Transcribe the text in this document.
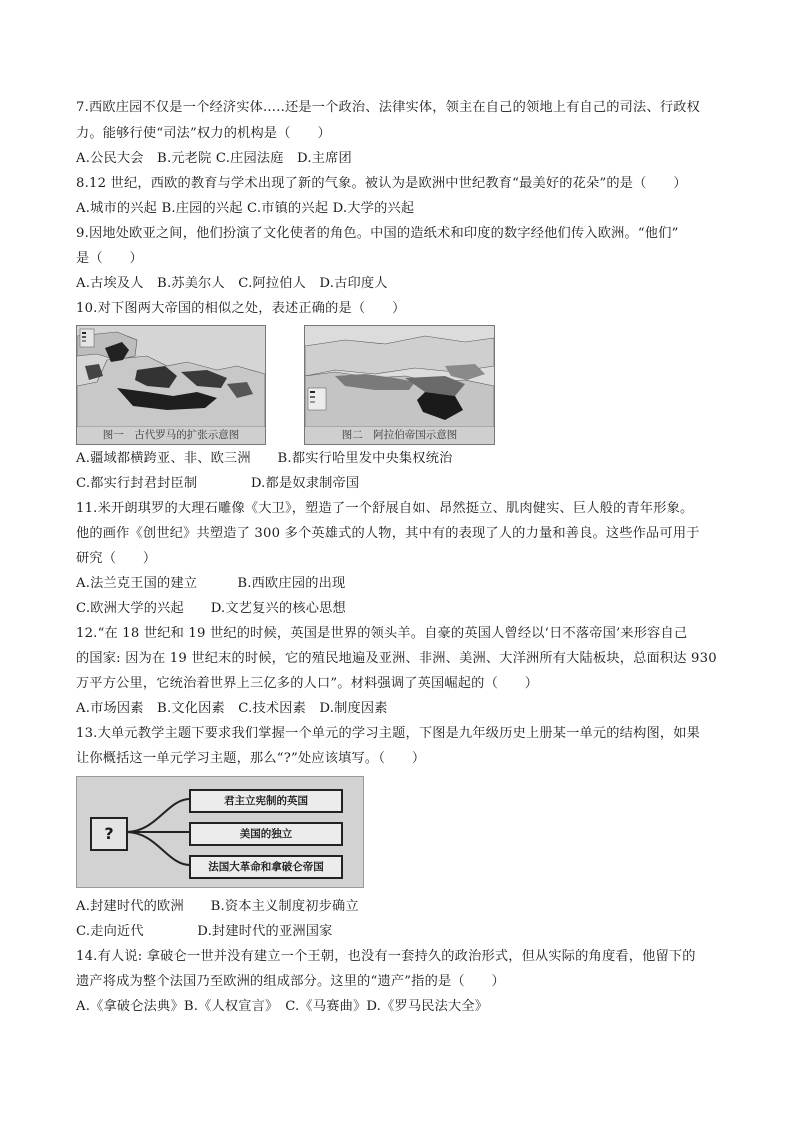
7.西欧庄园不仅是一个经济实体.....还是一个政治、法律实体，领主在自己的领地上有自己的司法、行政权
力。能够行使“司法”权力的机构是（　　）
A.公民大会　B.元老院 C.庄园法庭　D.主席团
8.12 世纪，西欧的教育与学术出现了新的气象。被认为是欧洲中世纪教育“最美好的花朵”的是（　　）
A.城市的兴起 B.庄园的兴起 C.市镇的兴起 D.大学的兴起
9.因地处欧亚之间，他们扮演了文化使者的角色。中国的造纸术和印度的数字经他们传入欧洲。“他们”
是（　　）
A.古埃及人　B.苏美尔人　C.阿拉伯人　D.古印度人
10.对下图两大帝国的相似之处，表述正确的是（　　）
图一　古代罗马的扩张示意图	图二　阿拉伯帝国示意图
A.疆域都横跨亚、非、欧三洲　　B.都实行哈里发中央集权统治
C.都实行封君封臣制　　　　D.都是奴隶制帝国
11.米开朗琪罗的大理石雕像《大卫》，塑造了一个舒展自如、昂然挺立、肌肉健实、巨人般的青年形象。
他的画作《创世纪》共塑造了 300 多个英雄式的人物，其中有的表现了人的力量和善良。这些作品可用于
研究（　　）
A.法兰克王国的建立　　　B.西欧庄园的出现
C.欧洲大学的兴起　　D.文艺复兴的核心思想
12.“在 18 世纪和 19 世纪的时候，英国是世界的领头羊。自豪的英国人曾经以‘日不落帝国’来形容自己
的国家: 因为在 19 世纪末的时候，它的殖民地遍及亚洲、非洲、美洲、大洋洲所有大陆板块，总面积达 930
万平方公里，它统治着世界上三亿多的人口”。材料强调了英国崛起的（　　）
A.市场因素　B.文化因素　C.技术因素　D.制度因素
13.大单元教学主题下要求我们掌握一个单元的学习主题，下图是九年级历史上册某一单元的结构图，如果
让你概括这一单元学习主题，那么“?”处应该填写。（　　）
?
君主立宪制的英国
美国的独立
法国大革命和拿破仑帝国
A.封建时代的欧洲　　B.资本主义制度初步确立
C.走向近代　　　　D.封建时代的亚洲国家
14.有人说: 拿破仑一世并没有建立一个王朝，也没有一套持久的政治形式，但从实际的角度看，他留下的
遗产将成为整个法国乃至欧洲的组成部分。这里的“遗产”指的是（　　）
A.《拿破仑法典》B.《人权宣言》　C.《马赛曲》D.《罗马民法大全》
